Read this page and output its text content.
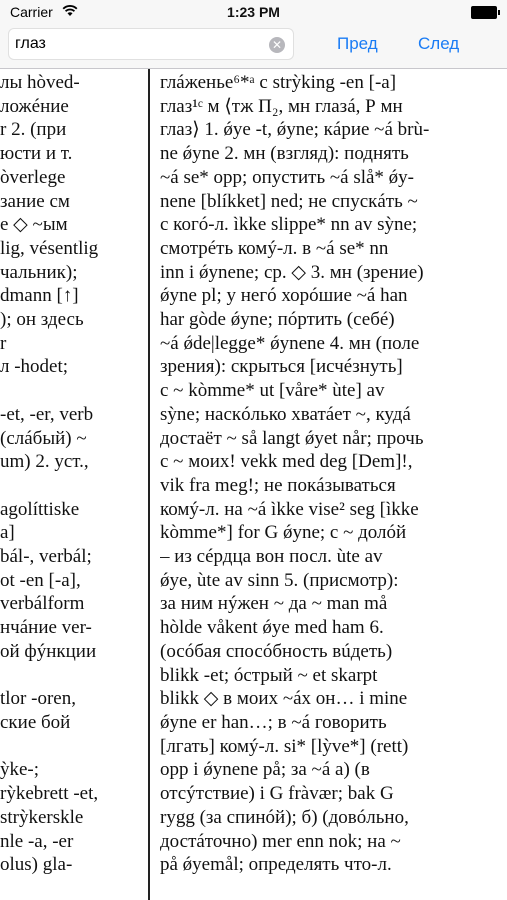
Carrier	1:23 PM
глаз
✕	Пред След
лы hòved-
ложéние
r 2. (при
юсти и т.
òverlege
зание см
е ◇ ~ым
lig, vésentlig
чальник);
dmann [↑]
); он здесь
r
л -hodet;

-et, -er, verb
(слáбый) ~
um) 2. уст.,

agolíttiske
a]
bál-, verbál;
ot -en [-a],
verbálform
нчáние ver-
ой фýнкции

tlor -oren,
ские бой

ỳke-;
rỳkebrett -et,
strỳkerskle
nle -a, -er
olus) gla-
глáженье⁶*ᵃ с strỳking -en [-a]
глаз¹ᶜ м ⟨тж П₂, мн глазá, Р мн
глаз⟩ 1. ǿye -t, ǿyne; кáрие ~á brù-
ne ǿyne 2. мн (взгляд): поднять
~á se* opp; опустить ~á slå* ǿy-
nene [blíkket] ned; не спускáть ~
с когó-л. ìkke slippe* nn av sỳne;
смотрéть комý-л. в ~á se* nn
inn i ǿynene; ср. ◇ 3. мн (зрение)
ǿyne pl; у негó хорóшие ~á han
har gòde ǿyne; пóртить (себé)
~á ǿde|legge* ǿynene 4. мн (поле
зрения): скрыться [исчéзнуть]
с ~ kòmme* ut [våre* ùte] av
sỳne; наскóлько хватáет ~, кудá
достаёт ~ så langt ǿyet når; прочь
с ~ моих! vekk med deg [Dem]!,
vik fra meg!; не покáзываться
комý-л. на ~á ìkke vise² seg [ìkke
kòmme*] for G ǿyne; с ~ долóй
– из сéрдца вон посл. ùte av
ǿye, ùte av sinn 5. (присмотр):
за ним нýжен ~ да ~ man må
hòlde våkent ǿye med ham 6.
(осóбая спосóбность вúдеть)
blikk -et; óстрый ~ et skarpt
blikk ◇ в моих ~áх он… i mine
ǿyne er han…; в ~á говорить
[лгать] комý-л. si* [lỳve*] (rett)
opp i ǿynene på; за ~á a) (в
отсýтствие) i G fràvær; bak G
rygg (за спинóй); б) (довóльно,
достáточно) mer enn nok; на ~
på ǿyemål; определять что-л.
